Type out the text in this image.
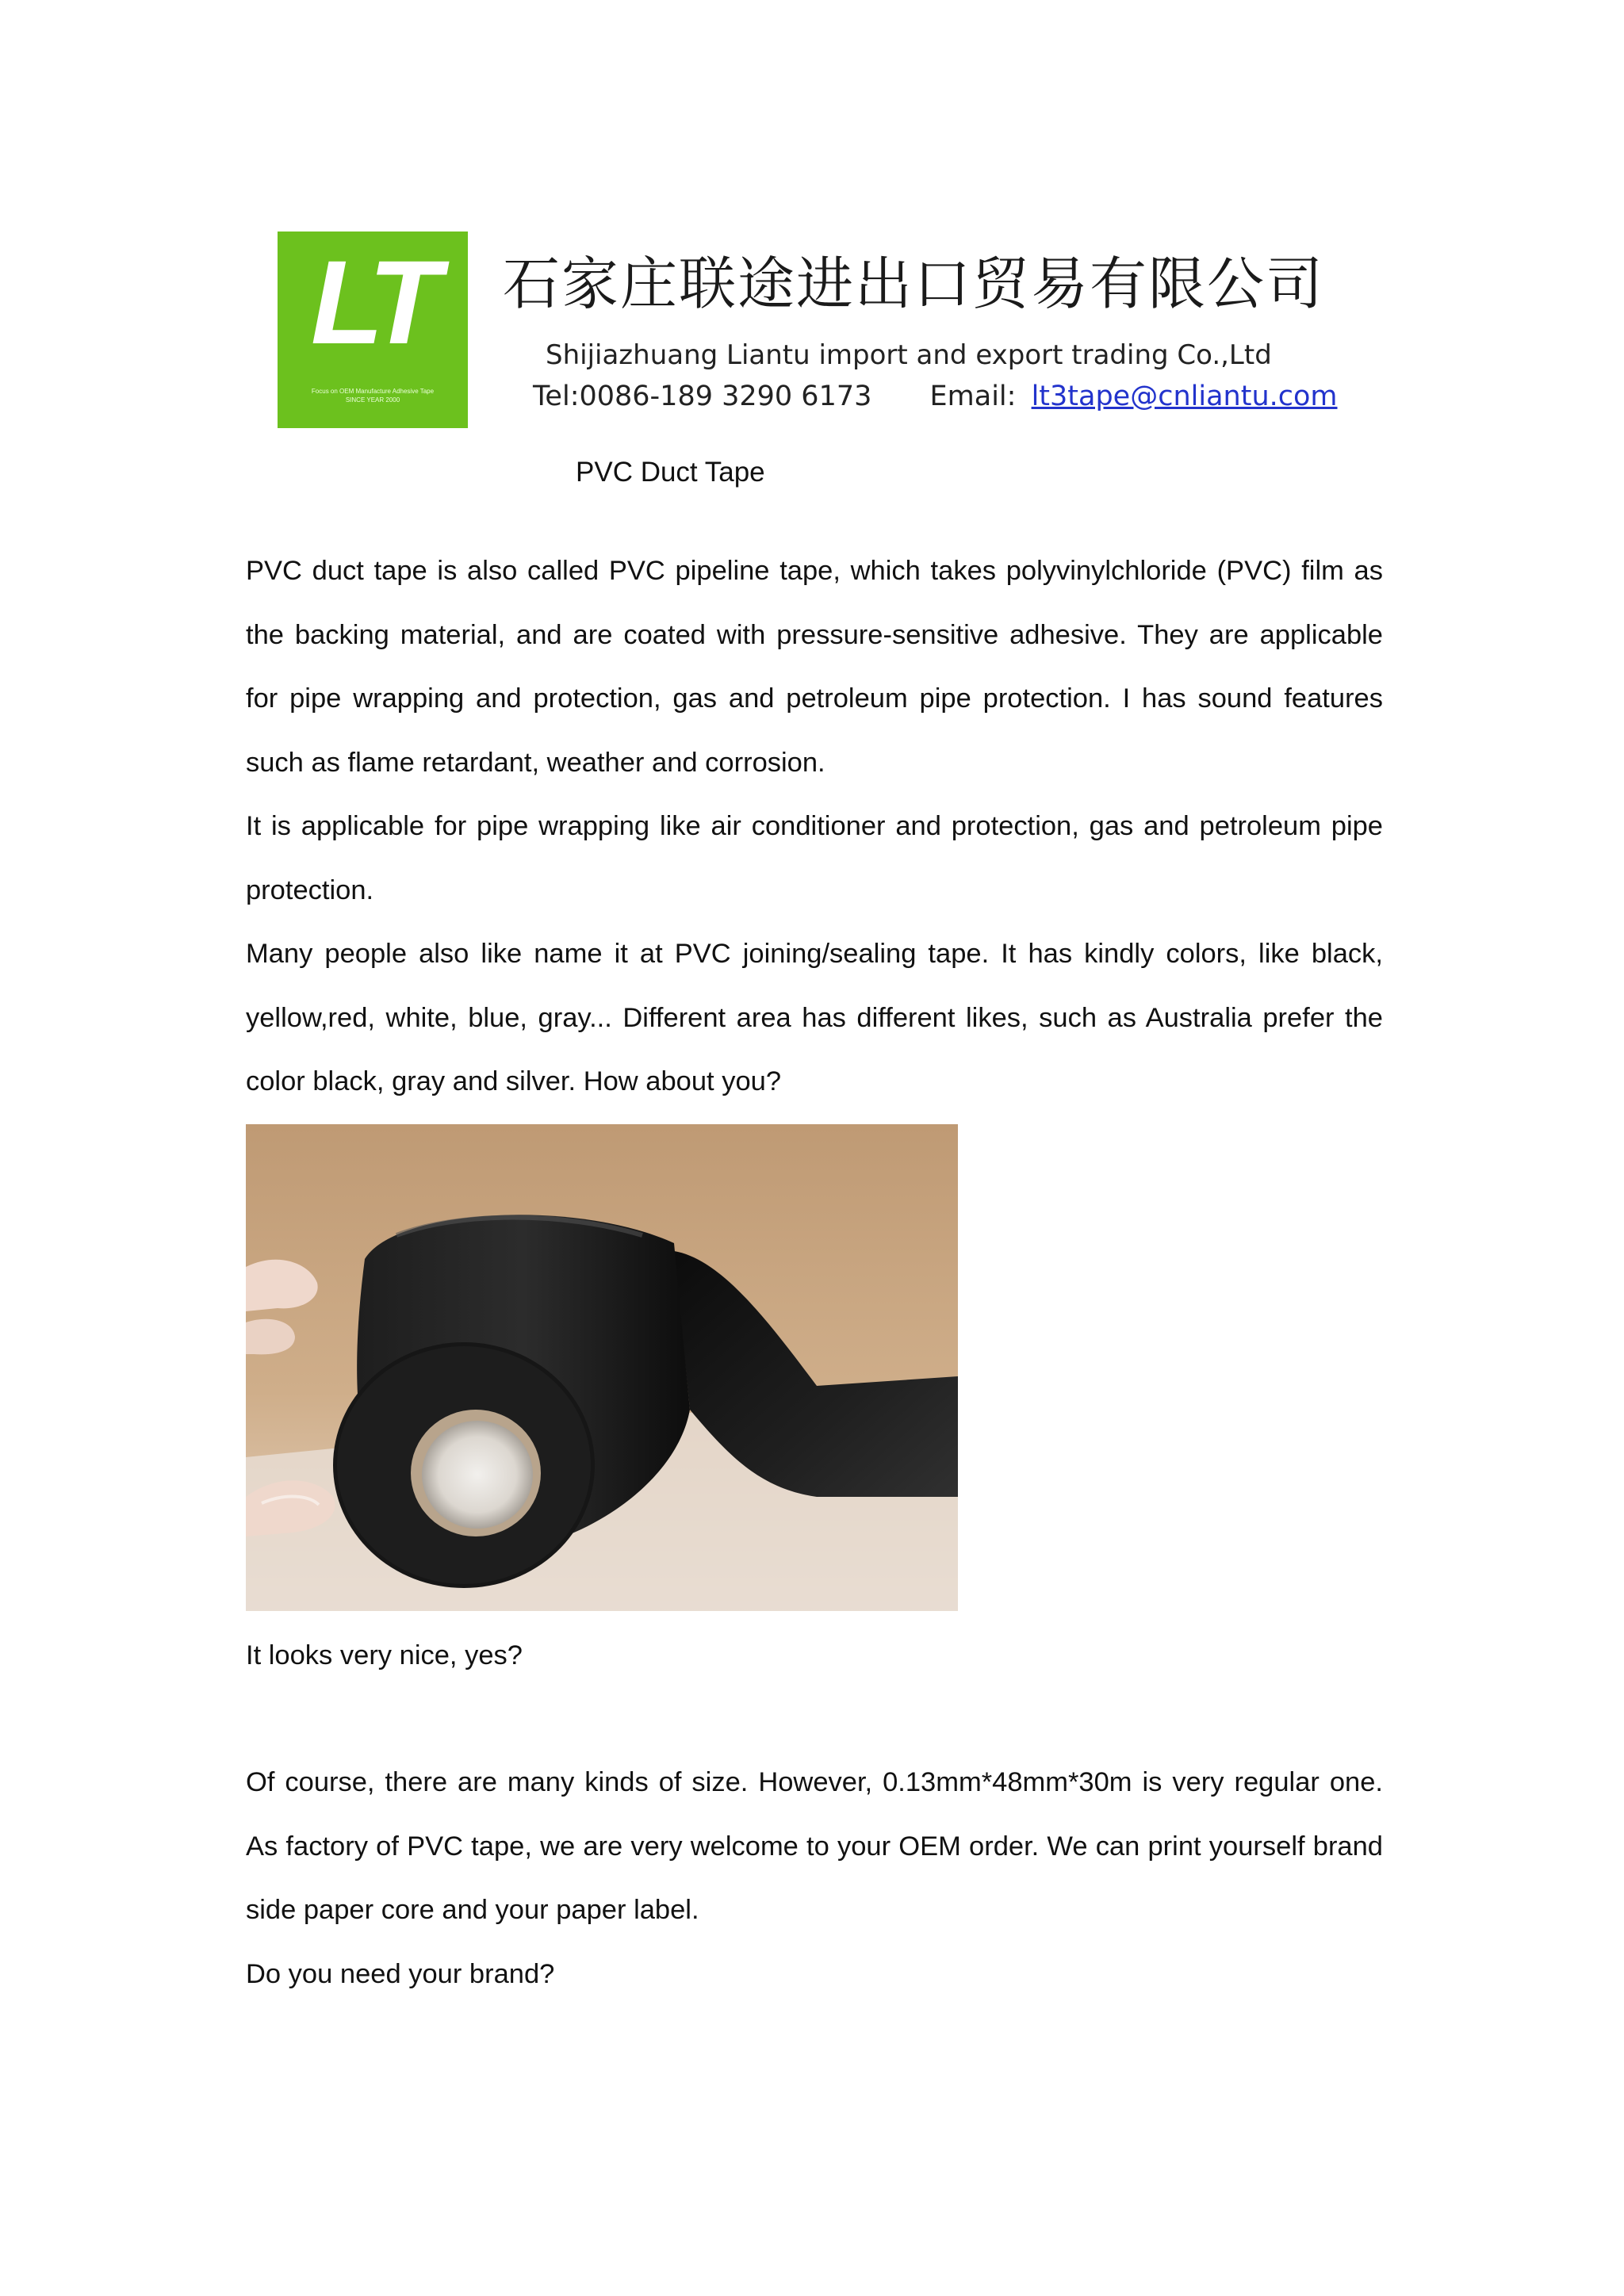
LT
Focus on OEM Manufacture Adhesive Tape
SINCE YEAR 2000
石家庄联途进出口贸易有限公司
Shijiazhuang Liantu import and export trading Co.,Ltd
Tel:0086-189 3290 6173 Email: lt3tape@cnliantu.com
PVC Duct Tape

PVC duct tape is also called PVC pipeline tape, which takes polyvinylchloride (PVC) film as the backing material, and are coated with pressure-sensitive adhesive. They are applicable for pipe wrapping and protection, gas and petroleum pipe protection. I has sound features such as flame retardant, weather and corrosion.

It is applicable for pipe wrapping like air conditioner and protection, gas and petroleum pipe protection.

Many people also like name it at PVC joining/sealing tape. It has kindly colors, like black, yellow,red, white, blue, gray... Different area has different likes, such as Australia prefer the color black, gray and silver. How about you?

It looks very nice, yes?

Of course, there are many kinds of size. However, 0.13mm*48mm*30m is very regular one. As factory of PVC tape, we are very welcome to your OEM order. We can print yourself brand side paper core and your paper label.

Do you need your brand?
